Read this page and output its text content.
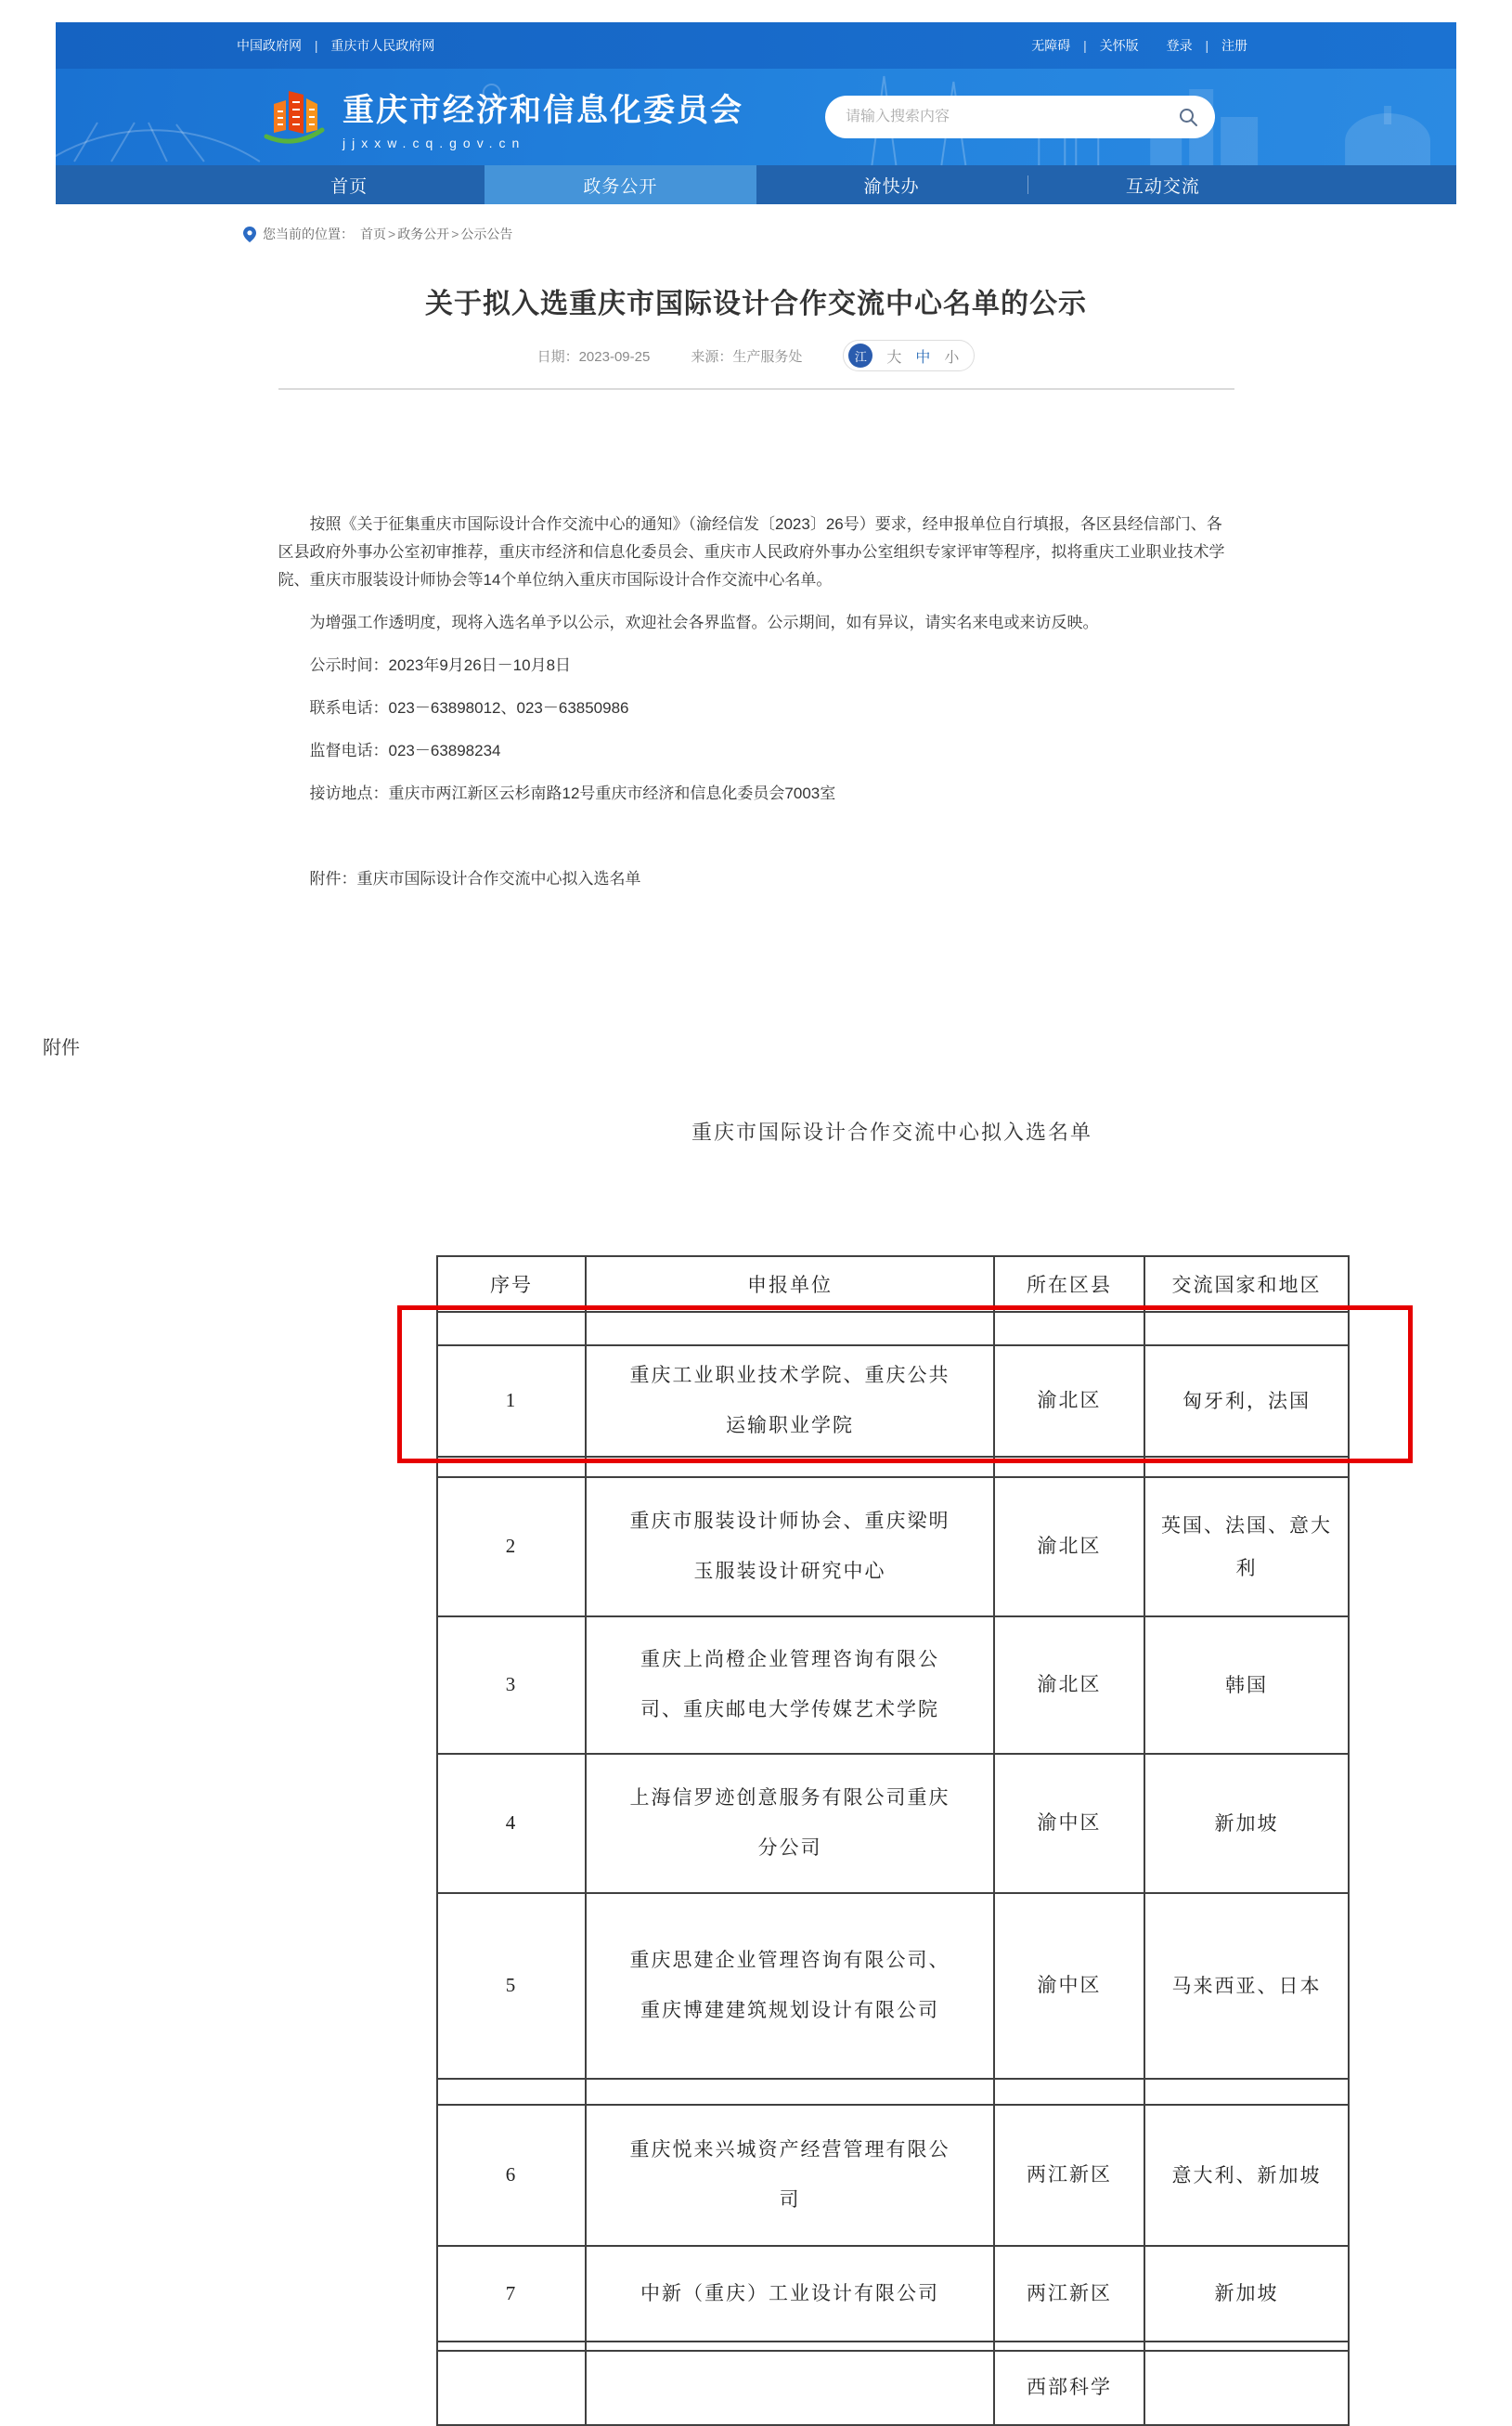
中国政府网 | 重庆市人民政府网	无障碍 | 关怀版 登录 | 注册
重庆市经济和信息化委员会
jjxxw.cq.gov.cn
请输入搜索内容
首页	政务公开	渝快办	互动交流
您当前的位置： 首页 > 政务公开 > 公示公告
关于拟入选重庆市国际设计合作交流中心名单的公示
日期：2023-09-25	来源：生产服务处	江	大 中 小

按照《关于征集重庆市国际设计合作交流中心的通知》（渝经信发〔2023〕26号）要求，经申报单位自行填报，各区县经信部门、各区县政府外事办公室初审推荐，重庆市经济和信息化委员会、重庆市人民政府外事办公室组织专家评审等程序，拟将重庆工业职业技术学院、重庆市服装设计师协会等14个单位纳入重庆市国际设计合作交流中心名单。

为增强工作透明度，现将入选名单予以公示，欢迎社会各界监督。公示期间，如有异议，请实名来电或来访反映。

公示时间：2023年9月26日－10月8日

联系电话：023－63898012、023－63850986

监督电话：023－63898234

接访地点：重庆市两江新区云杉南路12号重庆市经济和信息化委员会7003室

附件：重庆市国际设计合作交流中心拟入选名单

附件
重庆市国际设计合作交流中心拟入选名单
序号	申报单位	所在区县	交流国家和地区

1	重庆工业职业技术学院、重庆公共运输职业学院	渝北区	匈牙利，法国

2	重庆市服装设计师协会、重庆梁明玉服装设计研究中心	渝北区	英国、法国、意大利
3	重庆上尚橙企业管理咨询有限公司、重庆邮电大学传媒艺术学院	渝北区	韩国
4	上海信罗迹创意服务有限公司重庆分公司	渝中区	新加坡
5	重庆思建企业管理咨询有限公司、重庆博建建筑规划设计有限公司	渝中区	马来西亚、日本

6	重庆悦来兴城资产经营管理有限公司	两江新区	意大利、新加坡
7	中新（重庆）工业设计有限公司	两江新区	新加坡

		西部科学	
